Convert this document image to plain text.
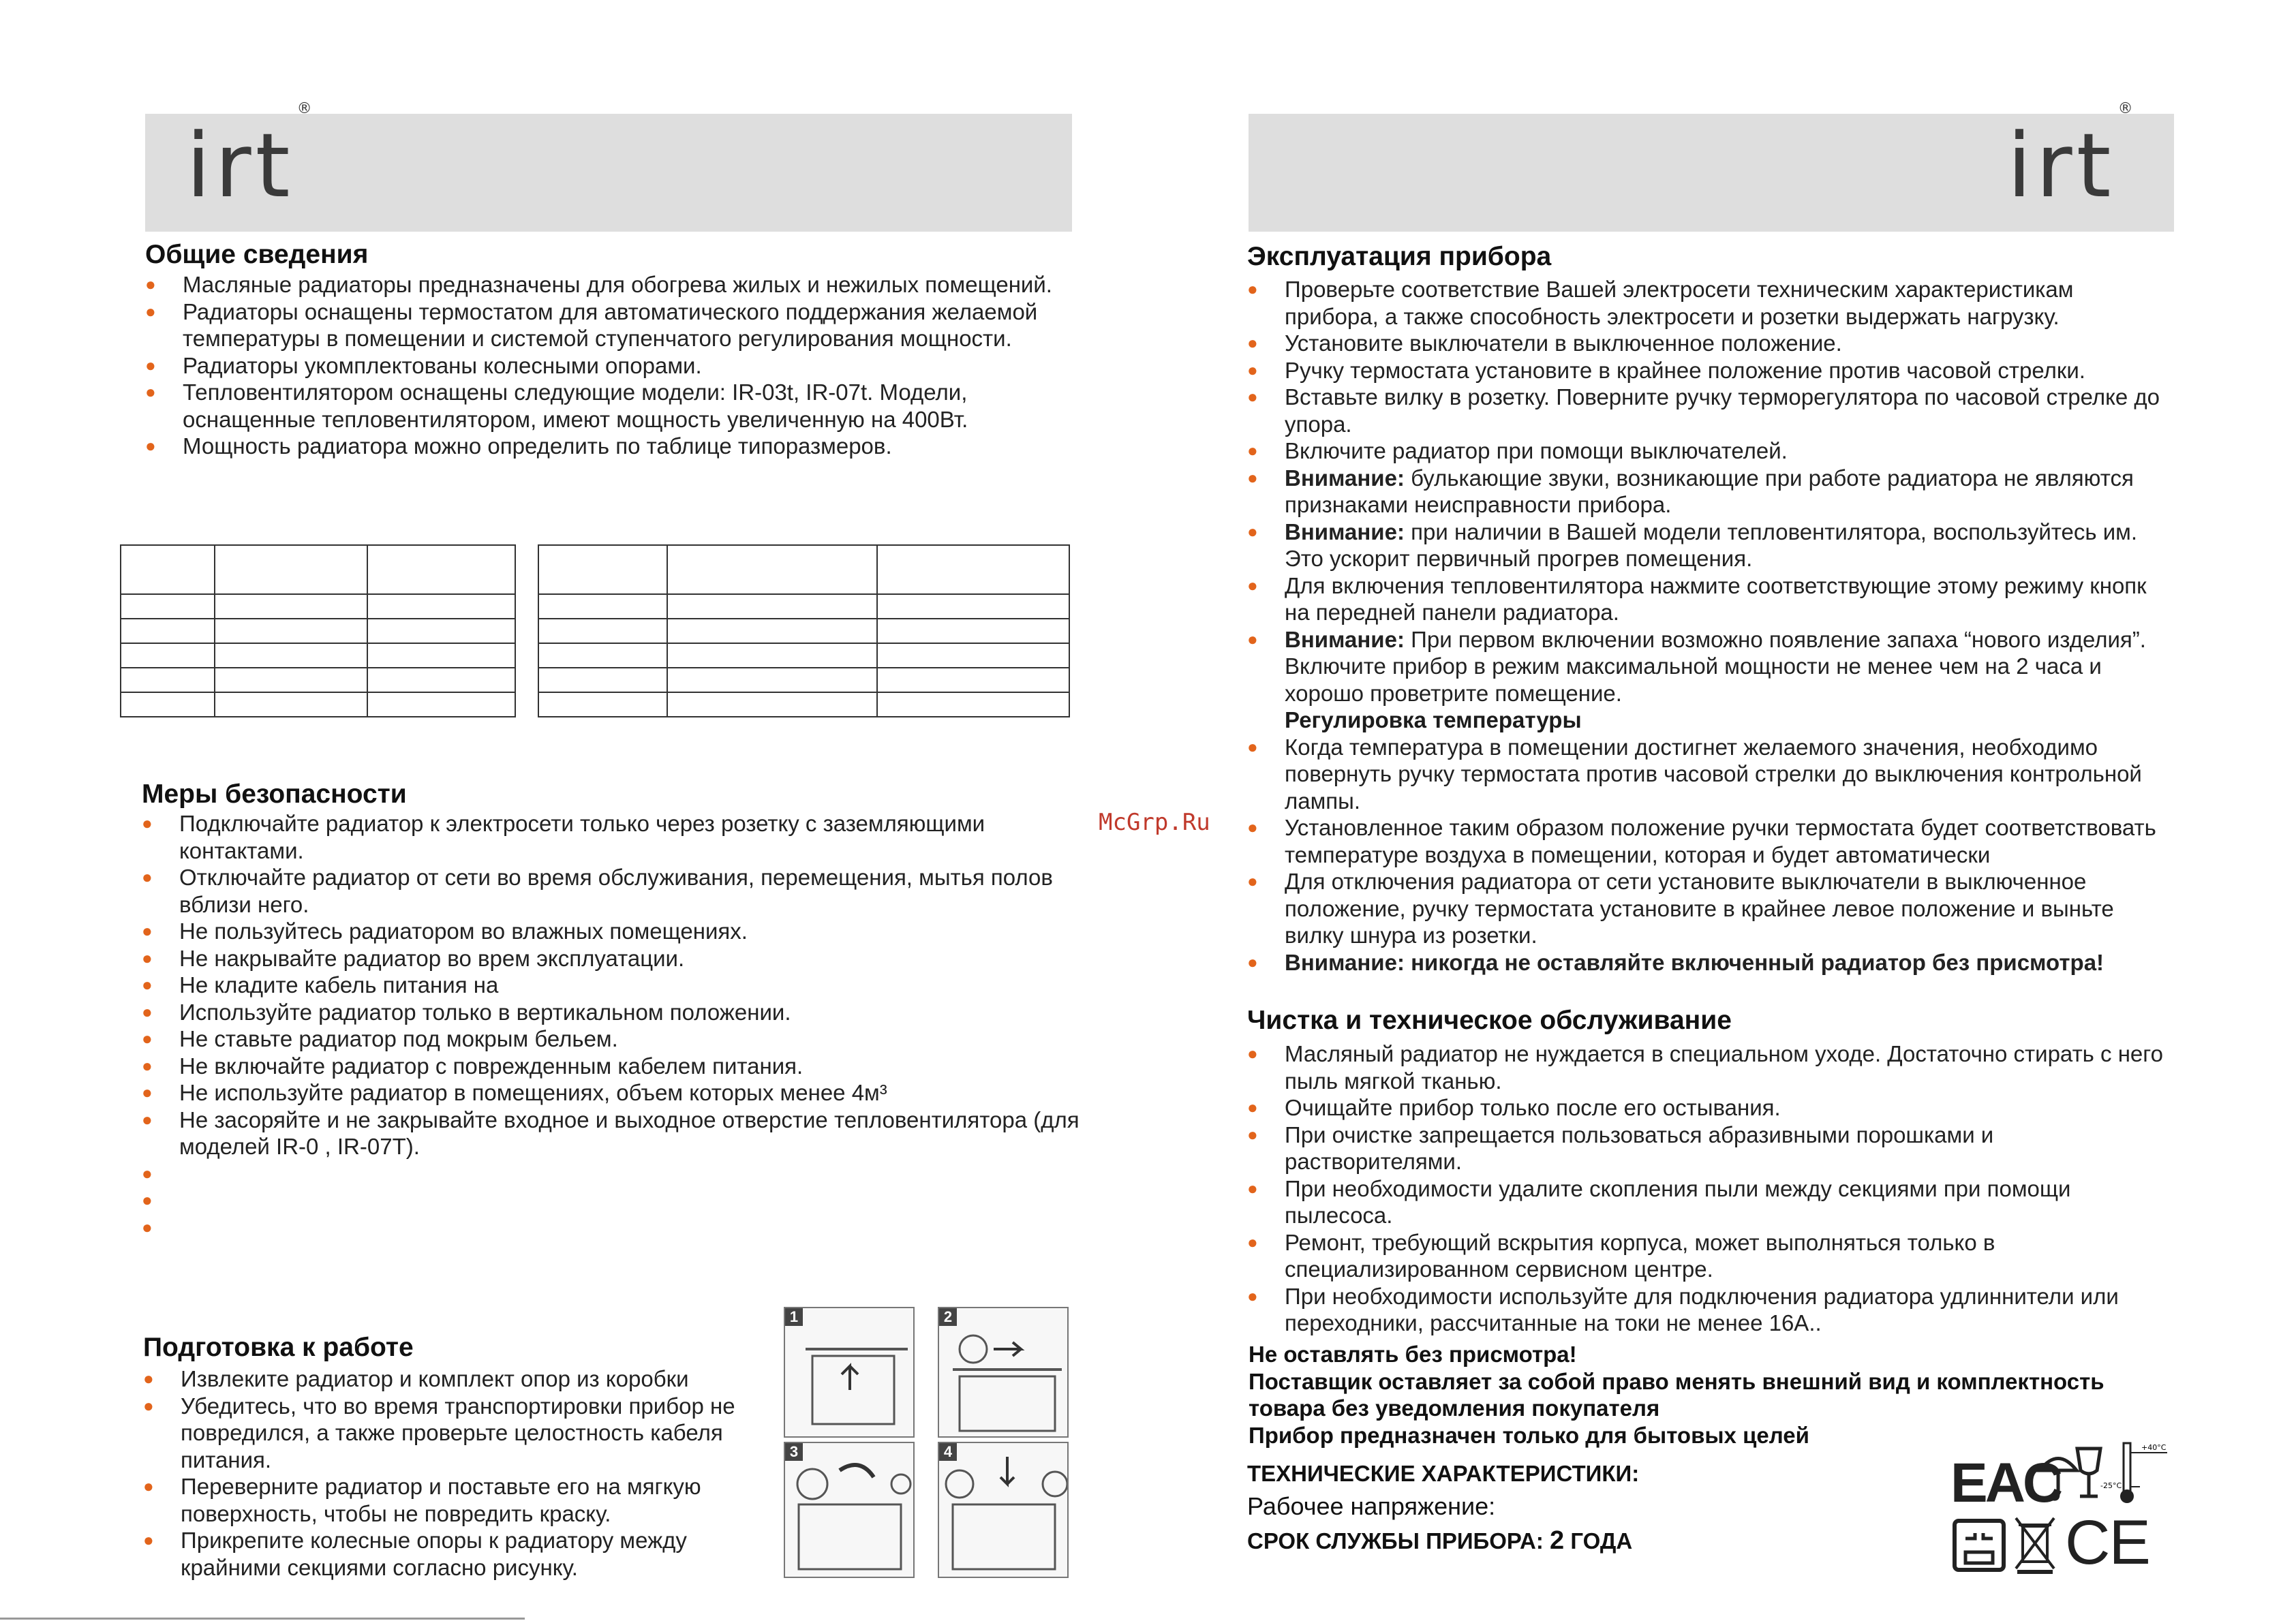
irt®
Общие сведения
● Масляные радиаторы предназначены для обогрева жилых и нежилых помещений.
● Радиаторы оснащены термостатом для автоматического поддержания желаемой температуры в помещении и системой ступенчатого регулирования мощности.
● Радиаторы укомплектованы колесными опорами.
● Тепловентилятором оснащены следующие модели: IR-03t, IR-07t. Модели, оснащенные тепловентилятором, имеют мощность увеличенную на 400Вт.
● Мощность радиатора можно определить по таблице типоразмеров.

Меры безопасности
● Подключайте радиатор к электросети только через розетку с заземляющими контактами.
● Отключайте радиатор от сети во время обслуживания, перемещения, мытья полов вблизи него.
● Не пользуйтесь радиатором во влажных помещениях.
● Не накрывайте радиатор во врем эксплуатации.
● Не кладите кабель питания на
● Используйте радиатор только в вертикальном положении.
● Не ставьте радиатор под мокрым бельем.
● Не включайте радиатор с поврежденным кабелем питания.
● Не используйте радиатор в помещениях, объем которых менее 4м³
● Не засоряйте и не закрывайте входное и выходное отверстие тепловентилятора (для моделей IR-0 , IR-07T).
●
●
●
Подготовка к работе
● Извлеките радиатор и комплект опор из коробки
● Убедитесь, что во время транспортировки прибор не повредился, а также проверьте целостность кабеля питания.
● Переверните радиатор и поставьте его на мягкую поверхность, чтобы не повредить краску.
● Прикрепите колесные опоры к радиатору между крайними секциями согласно рисунку.
1	2
3	4
McGrp.Ru
irt®
Эксплуатация прибора
● Проверьте соответствие Вашей электросети техническим характеристикам прибора, а также способность электросети и розетки выдержать нагрузку.
● Установите выключатели в выключенное положение.
● Ручку термостата установите в крайнее положение против часовой стрелки.
● Вставьте вилку в розетку. Поверните ручку терморегулятора по часовой стрелке до упора.
● Включите радиатор при помощи выключателей.
● Внимание: булькающие звуки, возникающие при работе радиатора не являются признаками неисправности прибора.
● Внимание: при наличии в Вашей модели тепловентилятора, воспользуйтесь им. Это ускорит первичный прогрев помещения.
● Для включения тепловентилятора нажмите соответствующие этому режиму кнопк на передней панели радиатора.
● Внимание: При первом включении возможно появление запаха “нового изделия”. Включите прибор в режим максимальной мощности не менее чем на 2 часа и хорошо проветрите помещение.
Регулировка температуры
● Когда температура в помещении достигнет желаемого значения, необходимо повернуть ручку термостата против часовой стрелки до выключения контрольной лампы.
● Установленное таким образом положение ручки термостата будет соответствовать температуре воздуха в помещении, которая и будет автоматически
● Для отключения радиатора от сети установите выключатели в выключенное положение, ручку термостата установите в крайнее левое положение и выньте вилку шнура из розетки.
● Внимание: никогда не оставляйте включенный радиатор без присмотра!
Чистка и техническое обслуживание
● Масляный радиатор не нуждается в специальном уходе. Достаточно стирать с него пыль мягкой тканью.
● Очищайте прибор только после его остывания.
● При очистке запрещается пользоваться абразивными порошками и растворителями.
● При необходимости удалите скопления пыли между секциями при помощи пылесоса.
● Ремонт, требующий вскрытия корпуса, может выполняться только в специализированном сервисном центре.
● При необходимости используйте для подключения радиатора удлиннители или переходники, рассчитанные на токи не менее 16А..
Не оставлять без присмотра!
Поставщик оставляет за собой право менять внешний вид и комплектность товара без уведомления покупателя
Прибор предназначен только для бытовых целей
ТЕХНИЧЕСКИЕ ХАРАКТЕРИСТИКИ:
Рабочее напряжение:
СРОК СЛУЖБЫ ПРИБОРА: 2 ГОДА
EAC
+40°C
-25°C
CE
